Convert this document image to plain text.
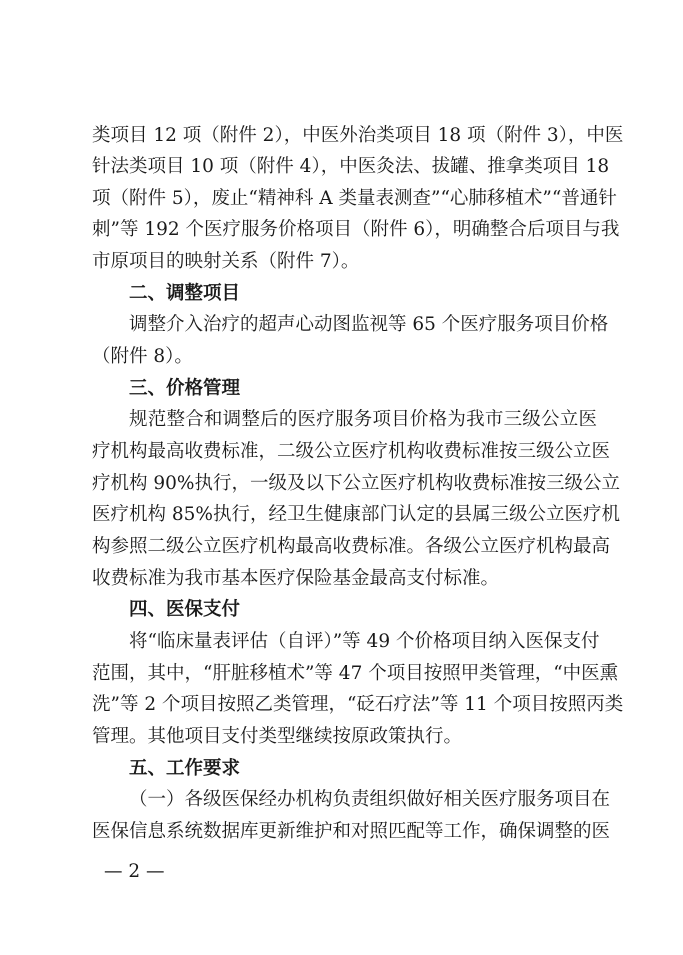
类项目 12 项（附件 2），中医外治类项目 18 项（附件 3），中医
针法类项目 10 项（附件 4），中医灸法、拔罐、推拿类项目 18
项（附件 5），废止“精神科 A 类量表测查”“心肺移植术”“普通针
刺”等 192 个医疗服务价格项目（附件 6），明确整合后项目与我
市原项目的映射关系（附件 7）。
二、调整项目
调整介入治疗的超声心动图监视等 65 个医疗服务项目价格
（附件 8）。
三、价格管理
规范整合和调整后的医疗服务项目价格为我市三级公立医
疗机构最高收费标准，二级公立医疗机构收费标准按三级公立医
疗机构 90%执行，一级及以下公立医疗机构收费标准按三级公立
医疗机构 85%执行，经卫生健康部门认定的县属三级公立医疗机
构参照二级公立医疗机构最高收费标准。各级公立医疗机构最高
收费标准为我市基本医疗保险基金最高支付标准。
四、医保支付
将“临床量表评估（自评）”等 49 个价格项目纳入医保支付
范围，其中，“肝脏移植术”等 47 个项目按照甲类管理，“中医熏
洗”等 2 个项目按照乙类管理，“砭石疗法”等 11 个项目按照丙类
管理。其他项目支付类型继续按原政策执行。
五、工作要求
（一）各级医保经办机构负责组织做好相关医疗服务项目在
医保信息系统数据库更新维护和对照匹配等工作，确保调整的医
— 2 —
